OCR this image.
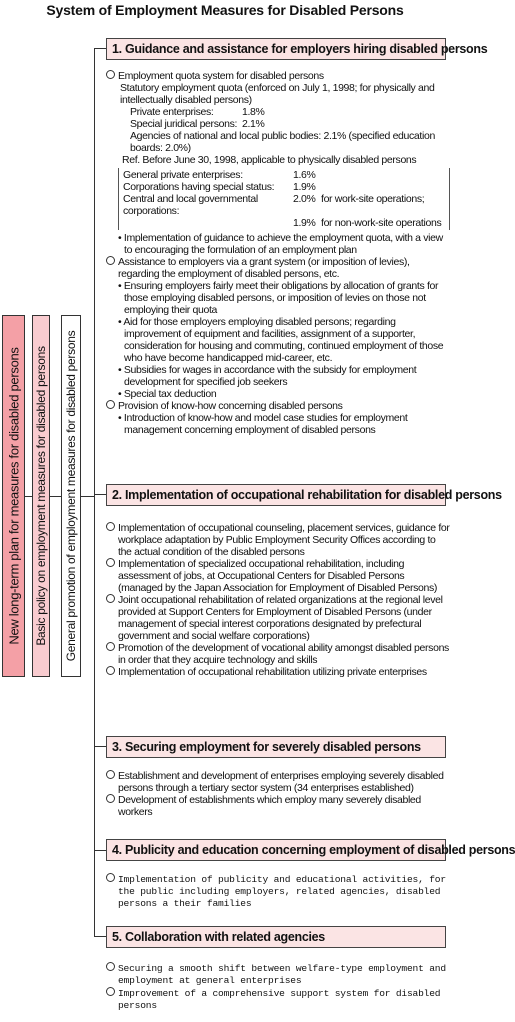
System of Employment Measures for Disabled Persons
New long-term plan for measures for disabled persons Basic policy on employment measures for disabled persons General promotion of employment measures for disabled persons
1. Guidance and assistance for employers hiring disabled persons
Employment quota system for disabled persons
Statutory employment quota (enforced on July 1, 1998; for physically and intellectually disabled persons)
Private enterprises:	1.8%
Special juridical persons: 2.1%
Agencies of national and local public bodies: 2.1% (specified education boards: 2.0%)
Ref. Before June 30, 1998, applicable to physically disabled persons
General private enterprises:	1.6%
Corporations having special status:	1.9%
Central and local governmental corporations:
2.0% for work-site operations;
1.9% for non-work-site operations
• Implementation of guidance to achieve the employment quota, with a view to encouraging the formulation of an employment plan
Assistance to employers via a grant system (or imposition of levies), regarding the employment of disabled persons, etc.
• Ensuring employers fairly meet their obligations by allocation of grants for those employing disabled persons, or imposition of levies on those not employing their quota
• Aid for those employers employing disabled persons; regarding improvement of equipment and facilities, assignment of a supporter, consideration for housing and commuting, continued employment of those who have become handicapped mid-career, etc.
• Subsidies for wages in accordance with the subsidy for employment development for specified job seekers
• Special tax deduction
Provision of know-how concerning disabled persons
• Introduction of know-how and model case studies for employment management concerning employment of disabled persons
2. Implementation of occupational rehabilitation for disabled persons
Implementation of occupational counseling, placement services, guidance for workplace adaptation by Public Employment Security Offices according to the actual condition of the disabled persons
Implementation of specialized occupational rehabilitation, including assessment of jobs, at Occupational Centers for Disabled Persons (managed by the Japan Association for Employment of Disabled Persons)
Joint occupational rehabilitation of related organizations at the regional level provided at Support Centers for Employment of Disabled Persons (under management of special interest corporations designated by prefectural government and social welfare corporations)
Promotion of the development of vocational ability amongst disabled persons in order that they acquire technology and skills
Implementation of occupational rehabilitation utilizing private enterprises
3. Securing employment for severely disabled persons
Establishment and development of enterprises employing severely disabled persons through a tertiary sector system (34 enterprises established)
Development of establishments which employ many severely disabled workers
4. Publicity and education concerning employment of disabled persons
Implementation of publicity and educational activities, for the public including employers, related agencies, disabled persons a their families
5. Collaboration with related agencies
Securing a smooth shift between welfare-type employment and employment at general enterprises
Improvement of a comprehensive support system for disabled persons
